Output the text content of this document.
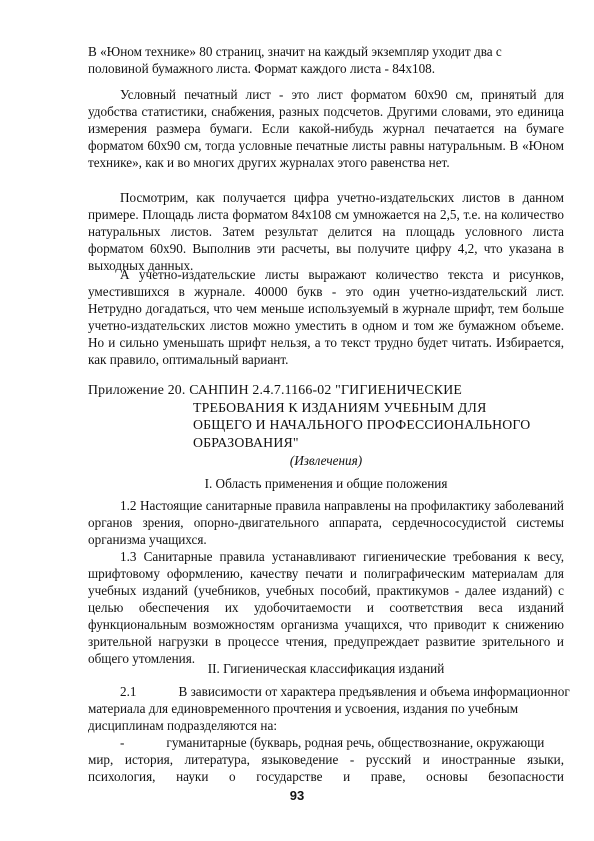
В «Юном технике» 80 страниц, значит на каждый экземпляр уходит два с

половиной бумажного листа. Формат каждого листа - 84х108.

Условный печатный лист - это лист форматом 60х90 см, принятый для удобства статистики, снабжения, разных подсчетов. Другими словами, это единица измерения размера бумаги. Если какой-нибудь журнал печатается на бумаге форматом 60х90 см, тогда условные печатные листы равны натуральным. В «Юном технике», как и во многих других журналах этого равенства нет.

Посмотрим, как получается цифра учетно-издательских листов в данном примере. Площадь листа форматом 84х108 см умножается на 2,5, т.е. на количество натуральных листов. Затем результат делится на площадь условного листа форматом 60х90. Выполнив эти расчеты, вы получите цифру 4,2, что указана в выходных данных.

А учетно-издательские листы выражают количество текста и рисунков, уместившихся в журнале. 40000 букв - это один учетно-издательский лист. Нетрудно догадаться, что чем меньше используемый в журнале шрифт, тем больше учетно-издательских листов можно уместить в одном и том же бумажном объеме. Но и сильно уменьшать шрифт нельзя, а то текст трудно будет читать. Избирается, как правило, оптимальный вариант.

Приложение 20. САНПИН 2.4.7.1166-02 "ГИГИЕНИЧЕСКИЕ
ТРЕБОВАНИЯ К ИЗДАНИЯМ УЧЕБНЫМ ДЛЯ
ОБЩЕГО И НАЧАЛЬНОГО ПРОФЕССИОНАЛЬНОГО
ОБРАЗОВАНИЯ"
(Извлечения)
I. Область применения и общие положения

1.2 Настоящие санитарные правила направлены на профилактику заболеваний органов зрения, опорно-двигательного аппарата, сердечнососудистой системы организма учащихся.

1.3 Санитарные правила устанавливают гигиенические требования к весу, шрифтовому оформлению, качеству печати и полиграфическим материалам для учебных изданий (учебников, учебных пособий, практикумов - далее изданий) с целью обеспечения их удобочитаемости и соответствия веса изданий функциональным возможностям организма учащихся, что приводит к снижению зрительной нагрузки в процессе чтения, предупреждает развитие зрительного и общего утомления.

II. Гигиеническая классификация изданий
2.1	В зависимости от характера предъявления и объема информационног

материала для единовременного прочтения и усвоения, издания по учебным

дисциплинам подразделяются на:

-	гуманитарные (букварь, родная речь, обществознание, окружающи

мир, история, литература, языковедение - русский и иностранные языки,

психология, науки о государстве и праве, основы безопасности

93
